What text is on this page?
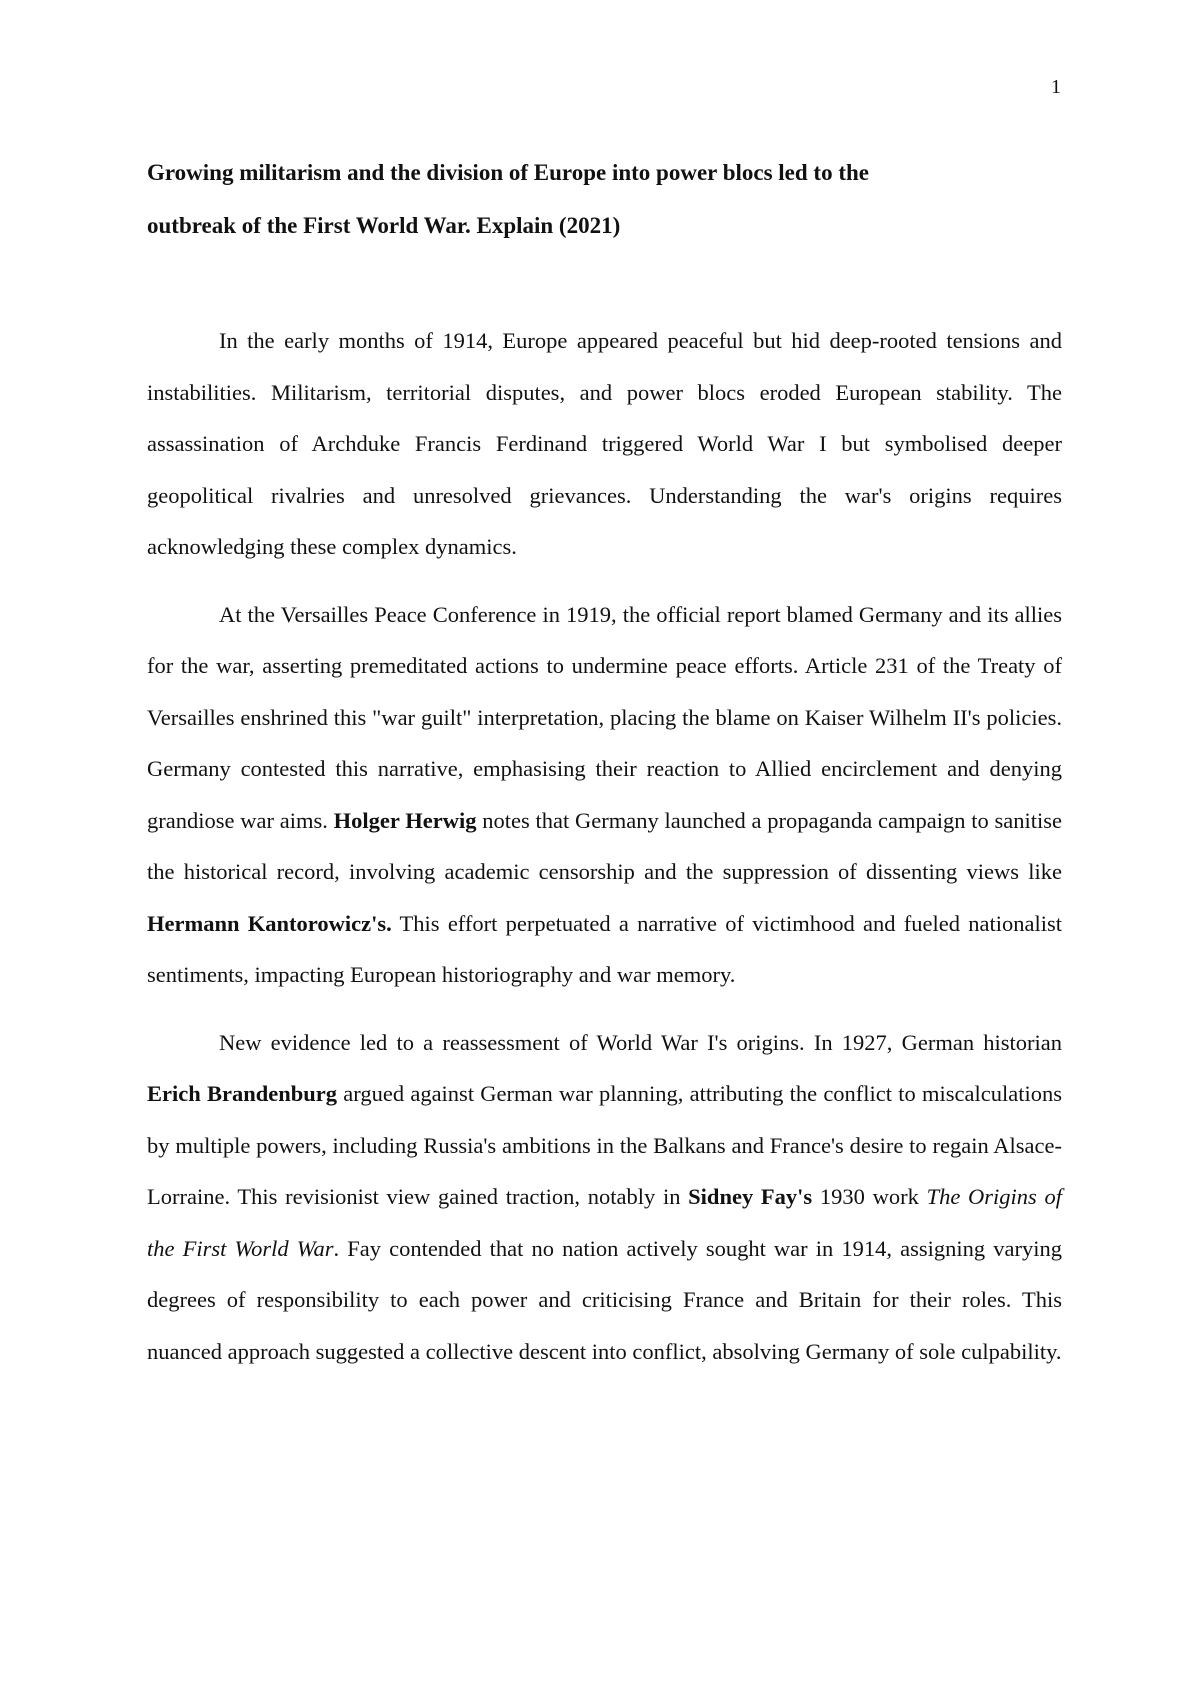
1
Growing militarism and the division of Europe into power blocs led to the
outbreak of the First World War. Explain (2021)

In the early months of 1914, Europe appeared peaceful but hid deep-rooted tensions and instabilities. Militarism, territorial disputes, and power blocs eroded European stability. The assassination of Archduke Francis Ferdinand triggered World War I but symbolised deeper geopolitical rivalries and unresolved grievances. Understanding the war's origins requires acknowledging these complex dynamics.

At the Versailles Peace Conference in 1919, the official report blamed Germany and its allies for the war, asserting premeditated actions to undermine peace efforts. Article 231 of the Treaty of Versailles enshrined this "war guilt" interpretation, placing the blame on Kaiser Wilhelm II's policies. Germany contested this narrative, emphasising their reaction to Allied encirclement and denying grandiose war aims. Holger Herwig notes that Germany launched a propaganda campaign to sanitise the historical record, involving academic censorship and the suppression of dissenting views like Hermann Kantorowicz's. This effort perpetuated a narrative of victimhood and fueled nationalist sentiments, impacting European historiography and war memory.

New evidence led to a reassessment of World War I's origins. In 1927, German historian Erich Brandenburg argued against German war planning, attributing the conflict to miscalculations by multiple powers, including Russia's ambitions in the Balkans and France's desire to regain Alsace-Lorraine. This revisionist view gained traction, notably in Sidney Fay's 1930 work The Origins of the First World War. Fay contended that no nation actively sought war in 1914, assigning varying degrees of responsibility to each power and criticising France and Britain for their roles. This nuanced approach suggested a collective descent into conflict, absolving Germany of sole culpability.
